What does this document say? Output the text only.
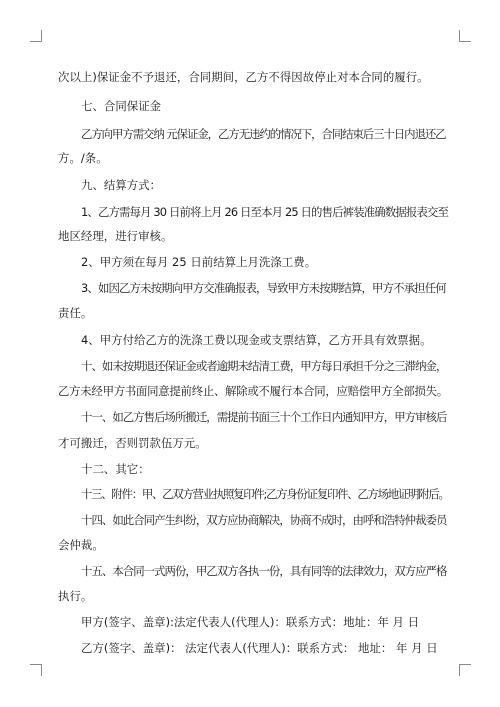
次以上)保证金不予退还，合同期间，乙方不得因故停止对本合同的履行。
七、合同保证金
乙方向甲方需交纳 元保证金，乙方无违约的情况下，合同结束后三十日内退还乙
方。/条。
九、结算方式：
1、乙方需每月 30 日前将上月 26 日至本月 25 日的售后裤装准确数据报表交至
地区经理，进行审核。
2、甲方须在每月 25 日前结算上月洗涤工费。
3、如因乙方未按期向甲方交准确报表，导致甲方未按期结算，甲方不承担任何
责任。
4、甲方付给乙方的洗涤工费以现金或支票结算，乙方开具有效票据。
十、如未按期退还保证金或者逾期未结清工费，甲方每日承担千分之三滞纳金，
乙方未经甲方书面同意提前终止、解除或不履行本合同，应赔偿甲方全部损失。
十一、如乙方售后场所搬迁，需提前书面三十个工作日内通知甲方，甲方审核后
才可搬迁，否则罚款伍万元。
十二、其它：
十三、附件：甲、乙双方营业执照复印件;乙方身份证复印件、乙方场地证明附后。
十四、如此合同产生纠纷，双方应协商解决，协商不成时，由呼和浩特仲裁委员
会仲裁。
十五、本合同一式两份，甲乙双方各执一份，具有同等的法律效力，双方应严格
执行。
甲方(签字、盖章):法定代表人(代理人)：联系方式：地址：年 月 日
乙方(签字、盖章)： 法定代表人(代理人)：联系方式： 地址： 年 月 日
